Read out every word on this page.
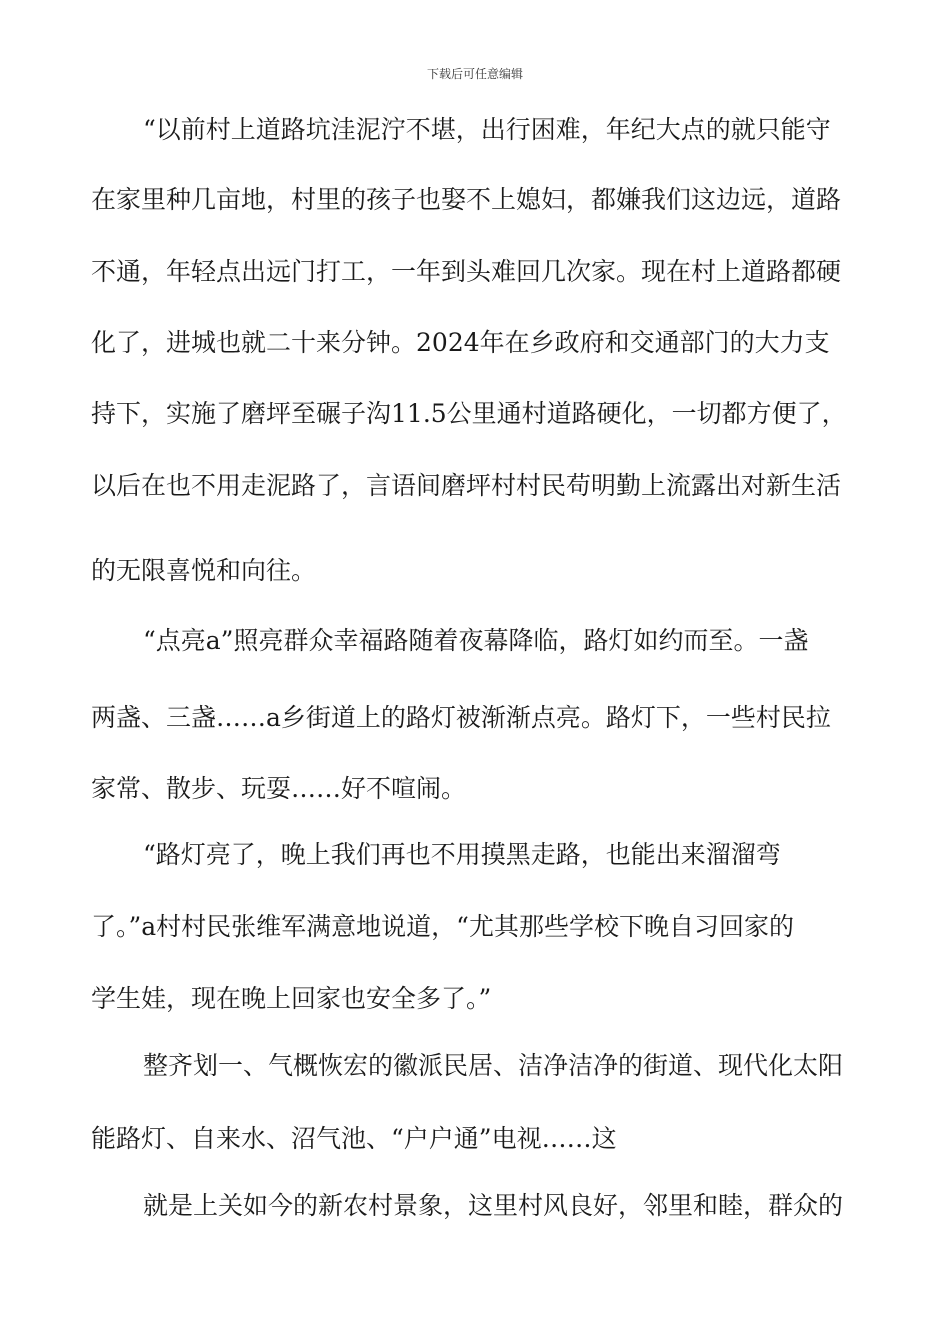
下载后可任意编辑
“以前村上道路坑洼泥泞不堪，出行困难，年纪大点的就只能守
在家里种几亩地，村里的孩子也娶不上媳妇，都嫌我们这边远，道路
不通，年轻点出远门打工，一年到头难回几次家。现在村上道路都硬
化了，进城也就二十来分钟。2024年在乡政府和交通部门的大力支
持下，实施了磨坪至碾子沟11.5公里通村道路硬化，一切都方便了，
以后在也不用走泥路了，言语间磨坪村村民苟明勤上流露出对新生活
的无限喜悦和向往。
“点亮a”照亮群众幸福路随着夜幕降临，路灯如约而至。一盏
两盏、三盏……a乡街道上的路灯被渐渐点亮。路灯下，一些村民拉
家常、散步、玩耍……好不喧闹。
“路灯亮了，晚上我们再也不用摸黑走路，也能出来溜溜弯
了。”a村村民张维军满意地说道，“尤其那些学校下晚自习回家的
学生娃，现在晚上回家也安全多了。”
整齐划一、气概恢宏的徽派民居、洁净洁净的街道、现代化太阳
能路灯、自来水、沼气池、“户户通”电视……这
就是上关如今的新农村景象，这里村风良好，邻里和睦，群众的
